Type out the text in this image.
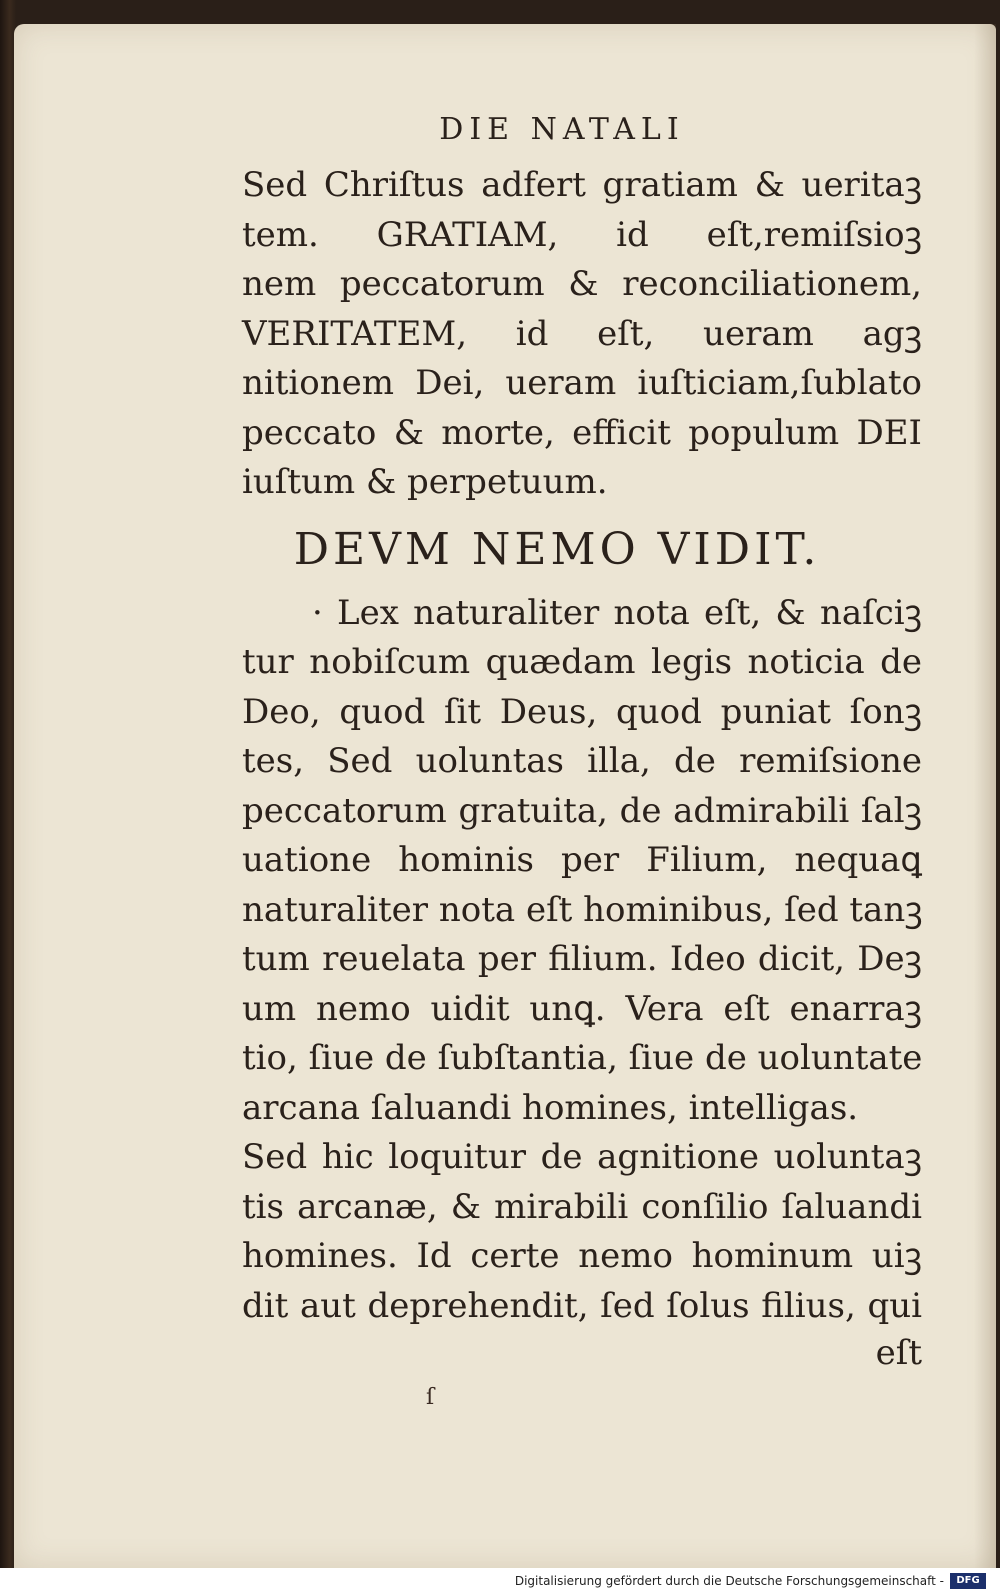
DIE NATALI
Sed Chriſtus adfert gratiam & ueritaꝫ
tem. GRATIAM, id eſt,remiſsioꝫ
nem peccatorum & reconciliationem,
VERITATEM, id eſt, ueram agꝫ
nitionem Dei, ueram iuſticiam,ſublato
peccato & morte, efficit populum DEI
iuſtum & perpetuum.
DEVM NEMO VIDIT.
· Lex naturaliter nota eſt, & naſciꝫ
tur nobiſcum quædam legis noticia de
Deo, quod ſit Deus, quod puniat ſonꝫ
tes, Sed uoluntas illa, de remiſsione
peccatorum gratuita, de admirabili ſalꝫ
uatione hominis per Filium, nequaꝗ
naturaliter nota eſt hominibus, ſed tanꝫ
tum reuelata per filium. Ideo dicit, Deꝫ
um nemo uidit unꝗ. Vera eſt enarraꝫ
tio, ſiue de ſubſtantia, ſiue de uoluntate
arcana ſaluandi homines, intelligas.
Sed hic loquitur de agnitione uoluntaꝫ
tis arcanæ, & mirabili conſilio ſaluandi
homines. Id certe nemo hominum uiꝫ
dit aut deprehendit, ſed ſolus filius, qui
eſt
ſ
Digitalisierung gefördert durch die Deutsche Forschungsgemeinschaft -	DFG
